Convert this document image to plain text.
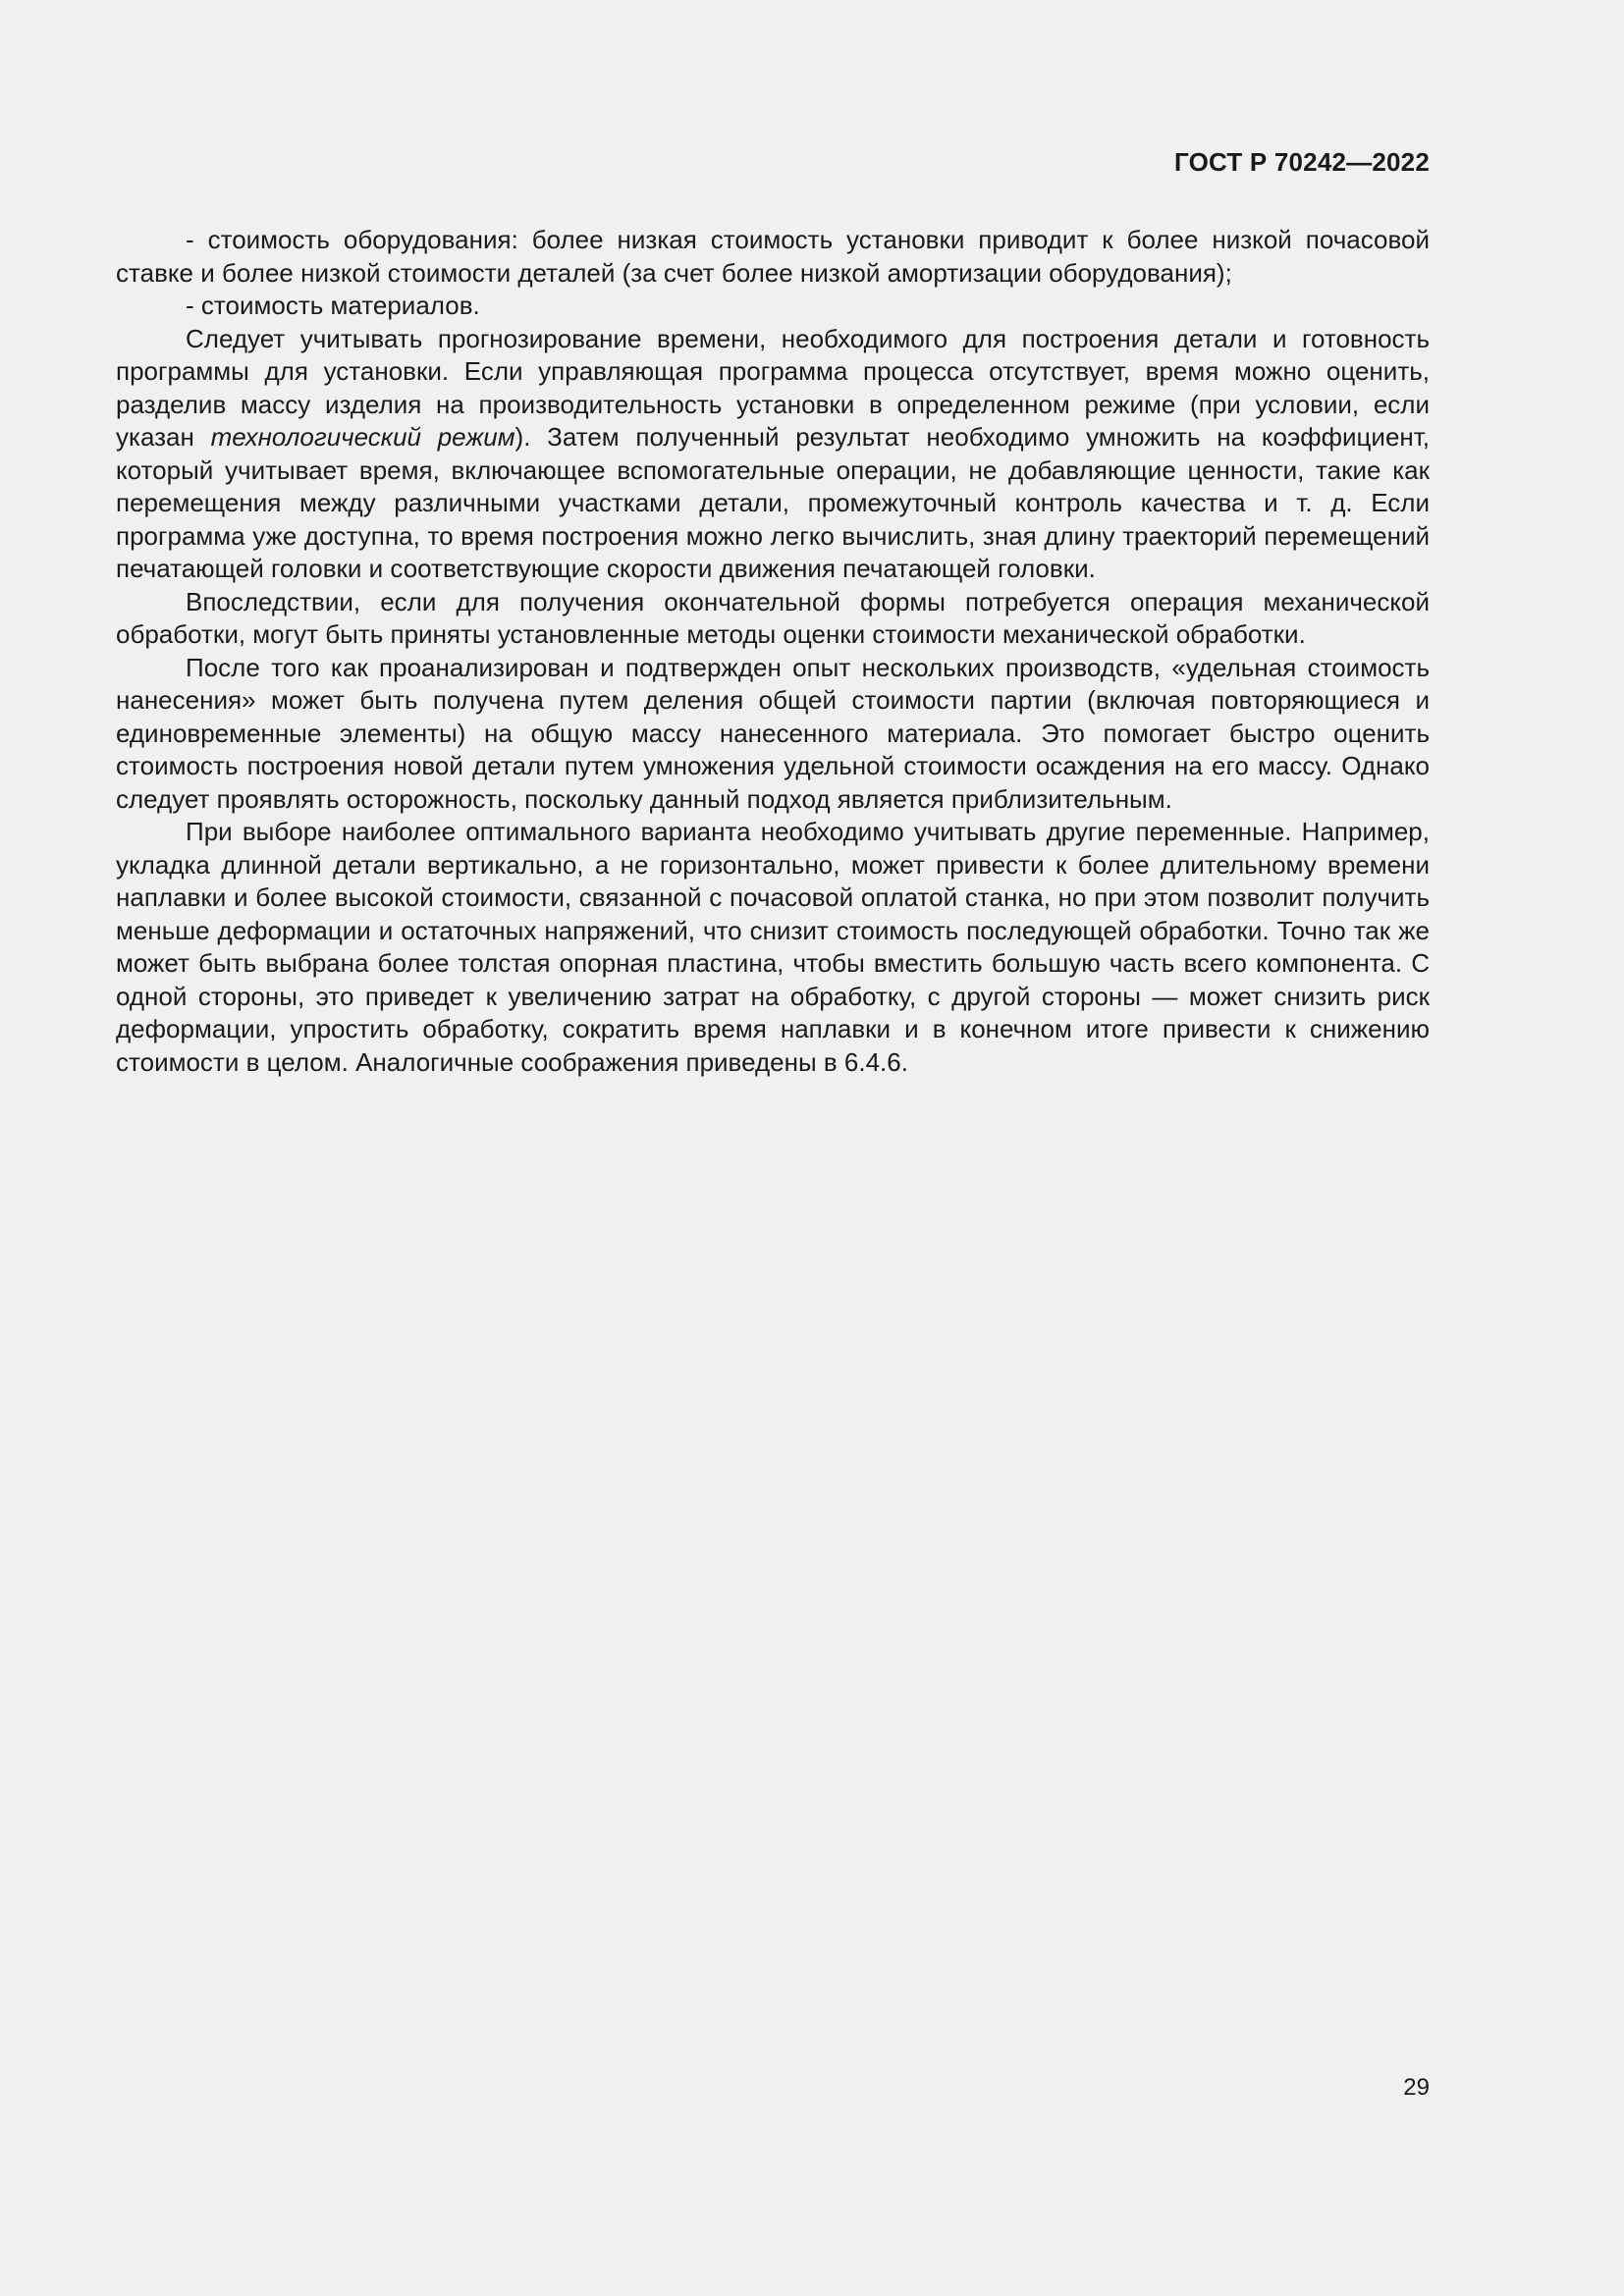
ГОСТ Р 70242—2022

- стоимость оборудования: более низкая стоимость установки приводит к более низкой почасовой ставке и более низкой стоимости деталей (за счет более низкой амортизации оборудования);

- стоимость материалов.

Следует учитывать прогнозирование времени, необходимого для построения детали и готовность программы для установки. Если управляющая программа процесса отсутствует, время можно оценить, разделив массу изделия на производительность установки в определенном режиме (при условии, если указан технологический режим). Затем полученный результат необходимо умножить на коэффициент, который учитывает время, включающее вспомогательные операции, не добавляющие ценности, такие как перемещения между различными участками детали, промежуточный контроль качества и т. д. Если программа уже доступна, то время построения можно легко вычислить, зная длину траекторий перемещений печатающей головки и соответствующие скорости движения печатающей головки.

Впоследствии, если для получения окончательной формы потребуется операция механической обработки, могут быть приняты установленные методы оценки стоимости механической обработки.

После того как проанализирован и подтвержден опыт нескольких производств, «удельная стоимость нанесения» может быть получена путем деления общей стоимости партии (включая повторяющиеся и единовременные элементы) на общую массу нанесенного материала. Это помогает быстро оценить стоимость построения новой детали путем умножения удельной стоимости осаждения на его массу. Однако следует проявлять осторожность, поскольку данный подход является приблизительным.

При выборе наиболее оптимального варианта необходимо учитывать другие переменные. Например, укладка длинной детали вертикально, а не горизонтально, может привести к более длительному времени наплавки и более высокой стоимости, связанной с почасовой оплатой станка, но при этом позволит получить меньше деформации и остаточных напряжений, что снизит стоимость последующей обработки. Точно так же может быть выбрана более толстая опорная пластина, чтобы вместить большую часть всего компонента. С одной стороны, это приведет к увеличению затрат на обработку, с другой стороны — может снизить риск деформации, упростить обработку, сократить время наплавки и в конечном итоге привести к снижению стоимости в целом. Аналогичные соображения приведены в 6.4.6.

29
